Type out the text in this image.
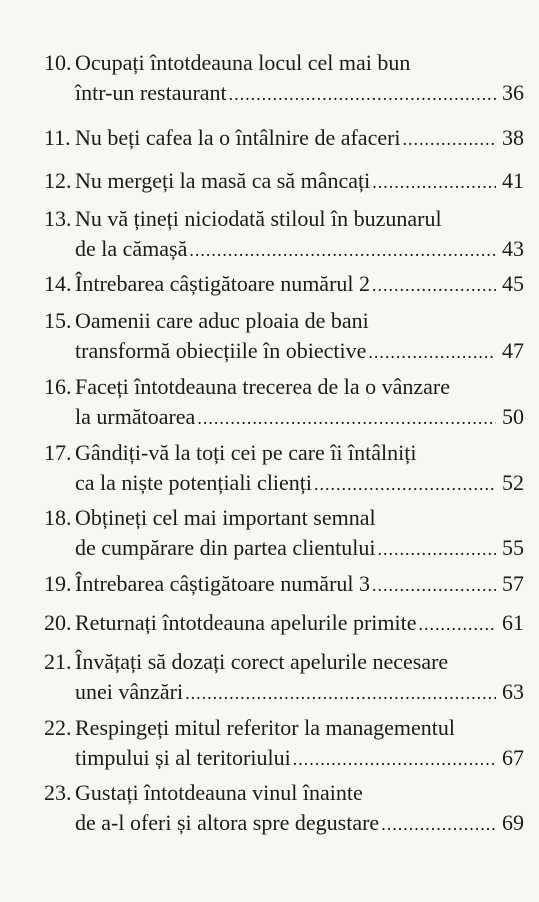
10. Ocupați întotdeauna locul cel mai bun
într-un restaurant .....	36
11. Nu beți cafea la o întâlnire de afaceri .....	38
12. Nu mergeți la masă ca să mâncați .....	41
13. Nu vă țineți niciodată stiloul în buzunarul
de la cămașă .....	43
14. Întrebarea câștigătoare numărul 2 .....	45
15. Oamenii care aduc ploaia de bani
transformă obiecțiile în obiective .....	47
16. Faceți întotdeauna trecerea de la o vânzare
la următoarea .....	50
17. Gândiți-vă la toți cei pe care îi întâlniți
ca la niște potențiali clienți .....	52
18. Obțineți cel mai important semnal
de cumpărare din partea clientului .....	55
19. Întrebarea câștigătoare numărul 3 .....	57
20. Returnați întotdeauna apelurile primite .....	61
21. Învățați să dozați corect apelurile necesare
unei vânzări .....	63
22. Respingeți mitul referitor la managementul
timpului și al teritoriului .....	67
23. Gustați întotdeauna vinul înainte
de a-l oferi și altora spre degustare .....	69
